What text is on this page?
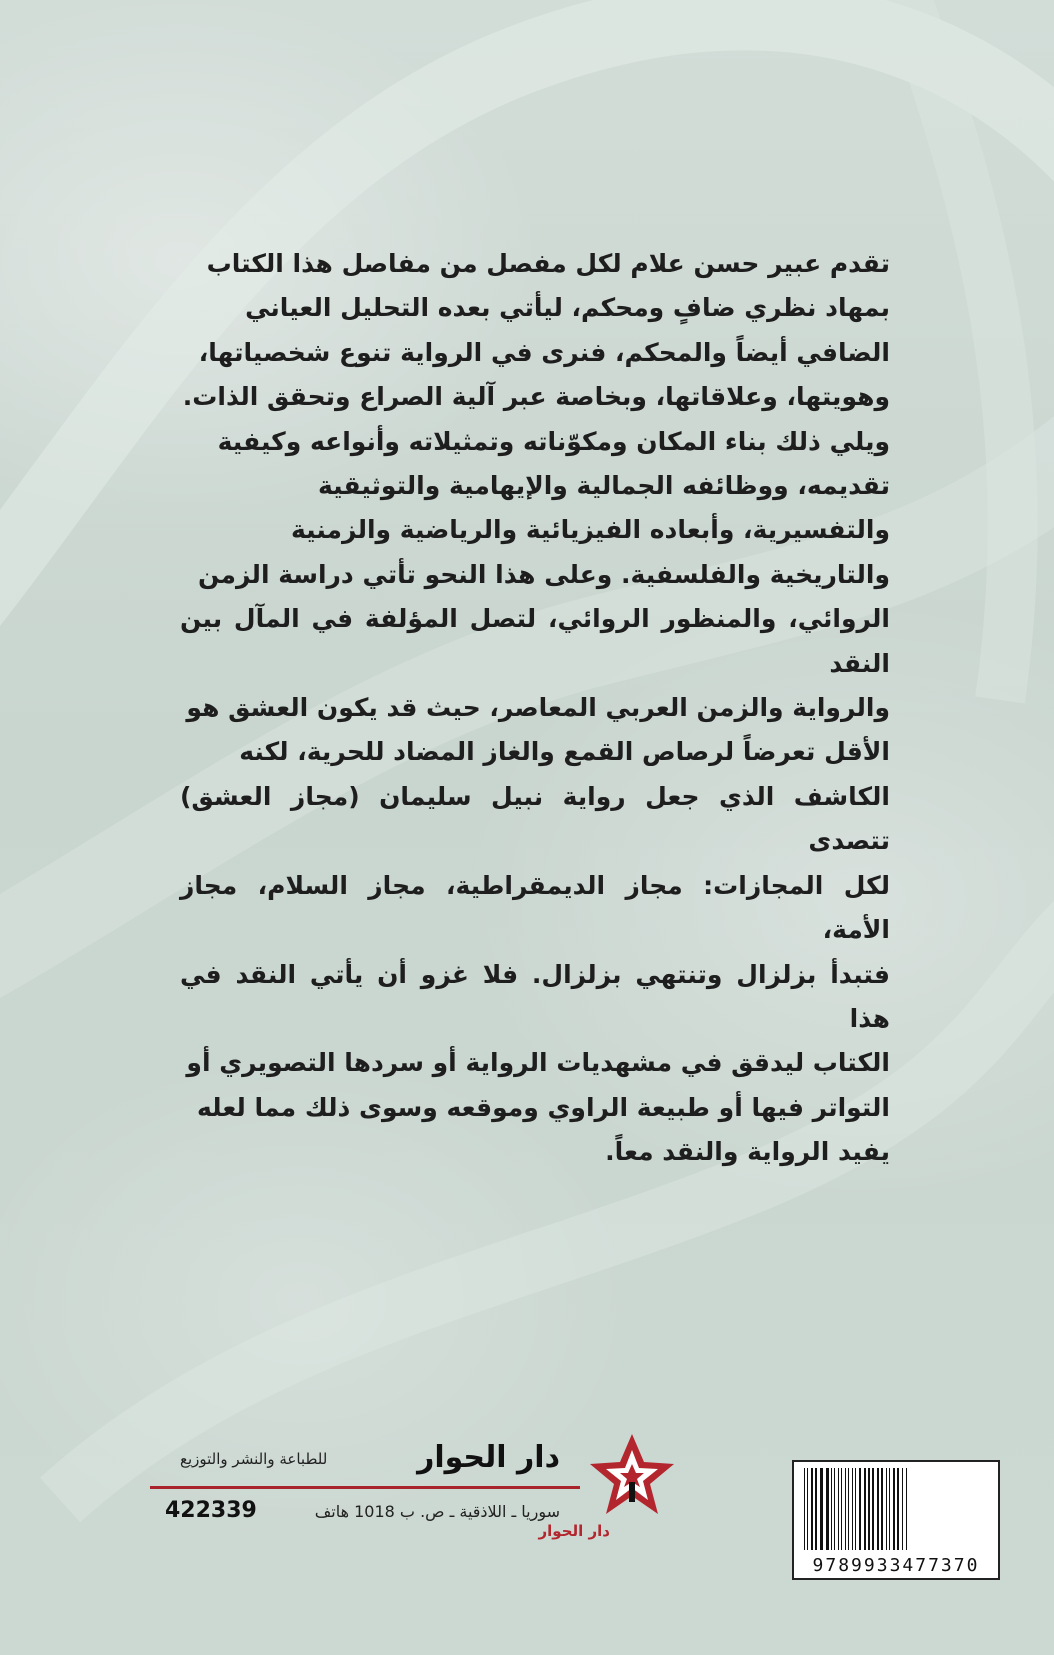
تقدم عبير حسن علام لكل مفصل من مفاصل هذا الكتاب
بمهاد نظري ضافٍ ومحكم، ليأتي بعده التحليل العياني
الضافي أيضاً والمحكم، فنرى في الرواية تنوع شخصياتها،
وهويتها، وعلاقاتها، وبخاصة عبر آلية الصراع وتحقق الذات.
ويلي ذلك بناء المكان ومكوّناته وتمثيلاته وأنواعه وكيفية
تقديمه، ووظائفه الجمالية والإيهامية والتوثيقية
والتفسيرية، وأبعاده الفيزيائية والرياضية والزمنية
والتاريخية والفلسفية. وعلى هذا النحو تأتي دراسة الزمن
الروائي، والمنظور الروائي، لتصل المؤلفة في المآل بين النقد
والرواية والزمن العربي المعاصر، حيث قد يكون العشق هو
الأقل تعرضاً لرصاص القمع والغاز المضاد للحرية، لكنه
الكاشف الذي جعل رواية نبيل سليمان (مجاز العشق) تتصدى
لكل المجازات: مجاز الديمقراطية، مجاز السلام، مجاز الأمة،
فتبدأ بزلزال وتنتهي بزلزال. فلا غزو أن يأتي النقد في هذا
الكتاب ليدقق في مشهديات الرواية أو سردها التصويري أو
التواتر فيها أو طبيعة الراوي وموقعه وسوى ذلك مما لعله
يفيد الرواية والنقد معاً.
دار الحوار
للطباعة والنشر والتوزيع
سوريا ـ اللاذقية ـ ص. ب 1018 هاتف
422339
دار الحوار
9789933477370
